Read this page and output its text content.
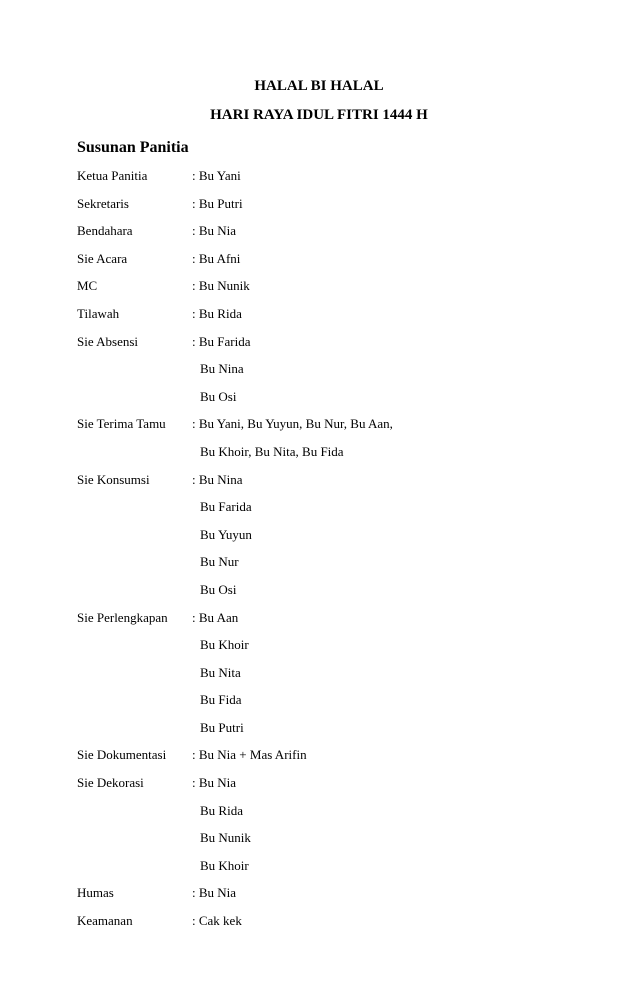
HALAL BI HALAL
HARI RAYA IDUL FITRI 1444 H
Susunan Panitia
Ketua Panitia	: Bu Yani
Sekretaris	: Bu Putri
Bendahara	: Bu Nia
Sie Acara	: Bu Afni
MC	: Bu Nunik
Tilawah	: Bu Rida
Sie Absensi	: Bu Farida
Bu Nina
Bu Osi
Sie Terima Tamu : Bu Yani, Bu Yuyun, Bu Nur, Bu Aan,
Bu Khoir, Bu Nita, Bu Fida
Sie Konsumsi	: Bu Nina
Bu Farida
Bu Yuyun
Bu Nur
Bu Osi
Sie Perlengkapan : Bu Aan
Bu Khoir
Bu Nita
Bu Fida
Bu Putri
Sie Dokumentasi : Bu Nia + Mas Arifin
Sie Dekorasi	: Bu Nia
Bu Rida
Bu Nunik
Bu Khoir
Humas	: Bu Nia
Keamanan	: Cak kek
